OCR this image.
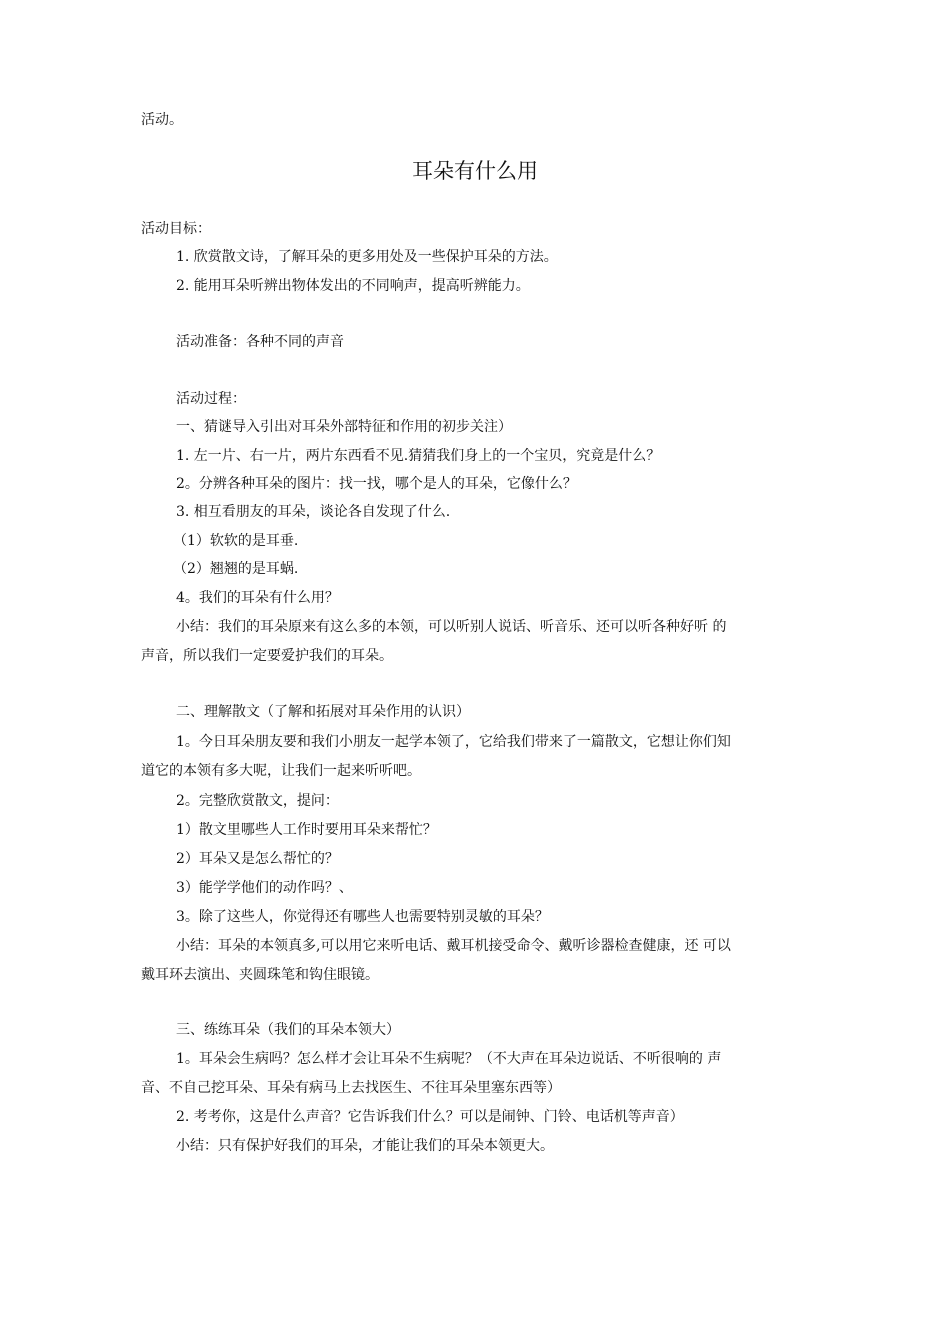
活动。
耳朵有什么用
活动目标：
1. 欣赏散文诗，了解耳朵的更多用处及一些保护耳朵的方法。
2. 能用耳朵听辨出物体发出的不同响声，提高听辨能力。
活动准备：各种不同的声音
活动过程：
一、猜谜导入引出对耳朵外部特征和作用的初步关注）
1. 左一片、右一片，两片东西看不见.猜猜我们身上的一个宝贝，究竟是什么？
2。分辨各种耳朵的图片：找一找，哪个是人的耳朵，它像什么？
3. 相互看朋友的耳朵，谈论各自发现了什么.
（1）软软的是耳垂.
（2）翘翘的是耳蜗.
4。我们的耳朵有什么用？
小结：我们的耳朵原来有这么多的本领，可以听别人说话、听音乐、还可以听各种好听 的
声音，所以我们一定要爱护我们的耳朵。
二、理解散文（了解和拓展对耳朵作用的认识）
1。今日耳朵朋友要和我们小朋友一起学本领了，它给我们带来了一篇散文，它想让你们知
道它的本领有多大呢，让我们一起来听听吧。
2。完整欣赏散文，提问：
1）散文里哪些人工作时要用耳朵来帮忙？
2）耳朵又是怎么帮忙的？
3）能学学他们的动作吗？、
3。除了这些人，你觉得还有哪些人也需要特别灵敏的耳朵？
小结：耳朵的本领真多,可以用它来听电话、戴耳机接受命令、戴听诊器检查健康，还 可以
戴耳环去演出、夹圆珠笔和钩住眼镜。
三、练练耳朵（我们的耳朵本领大）
1。耳朵会生病吗？怎么样才会让耳朵不生病呢？（不大声在耳朵边说话、不听很响的 声
音、不自己挖耳朵、耳朵有病马上去找医生、不往耳朵里塞东西等）
2. 考考你，这是什么声音？它告诉我们什么？可以是闹钟、门铃、电话机等声音）
小结：只有保护好我们的耳朵，才能让我们的耳朵本领更大。
